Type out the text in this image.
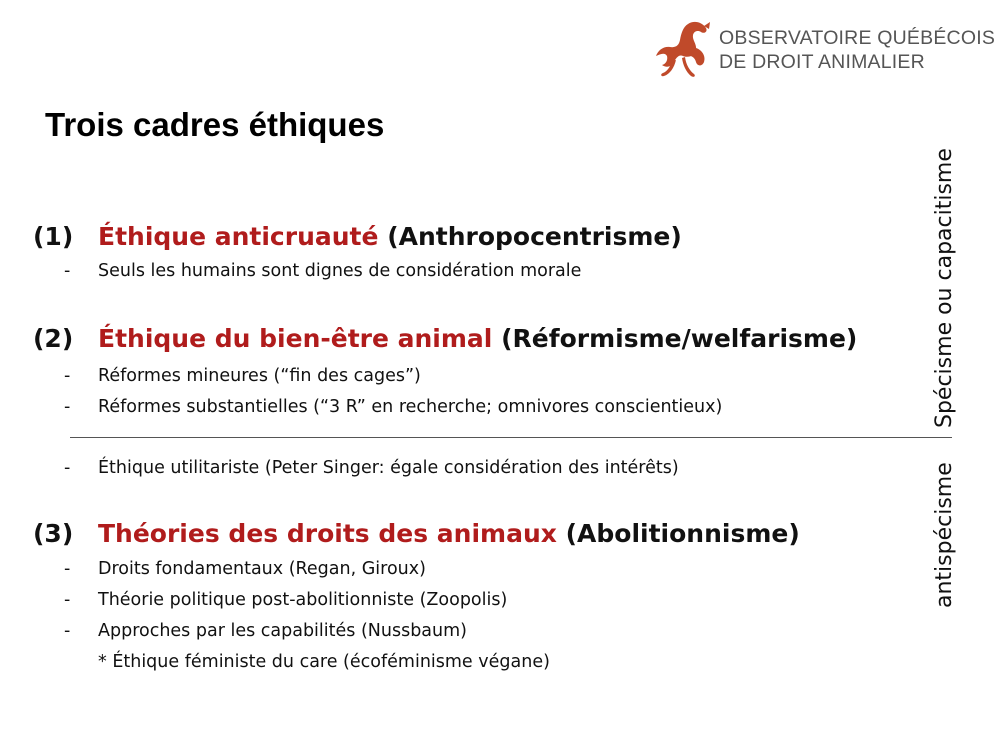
OBSERVATOIRE QUÉBÉCOIS
DE DROIT ANIMALIER
Trois cadres éthiques
(1) Éthique anticruauté (Anthropocentrisme)
- Seuls les humains sont dignes de considération morale
(2) Éthique du bien-être animal (Réformisme/welfarisme)
- Réformes mineures (“fin des cages”)
- Réformes substantielles (“3 R” en recherche; omnivores conscientieux)
- Éthique utilitariste (Peter Singer: égale considération des intérêts)
(3) Théories des droits des animaux (Abolitionnisme)
- Droits fondamentaux (Regan, Giroux)
- Théorie politique post-abolitionniste (Zoopolis)
- Approches par les capabilités (Nussbaum)
* Éthique féministe du care (écoféminisme végane)
Spécisme ou capacitisme
antispécisme
